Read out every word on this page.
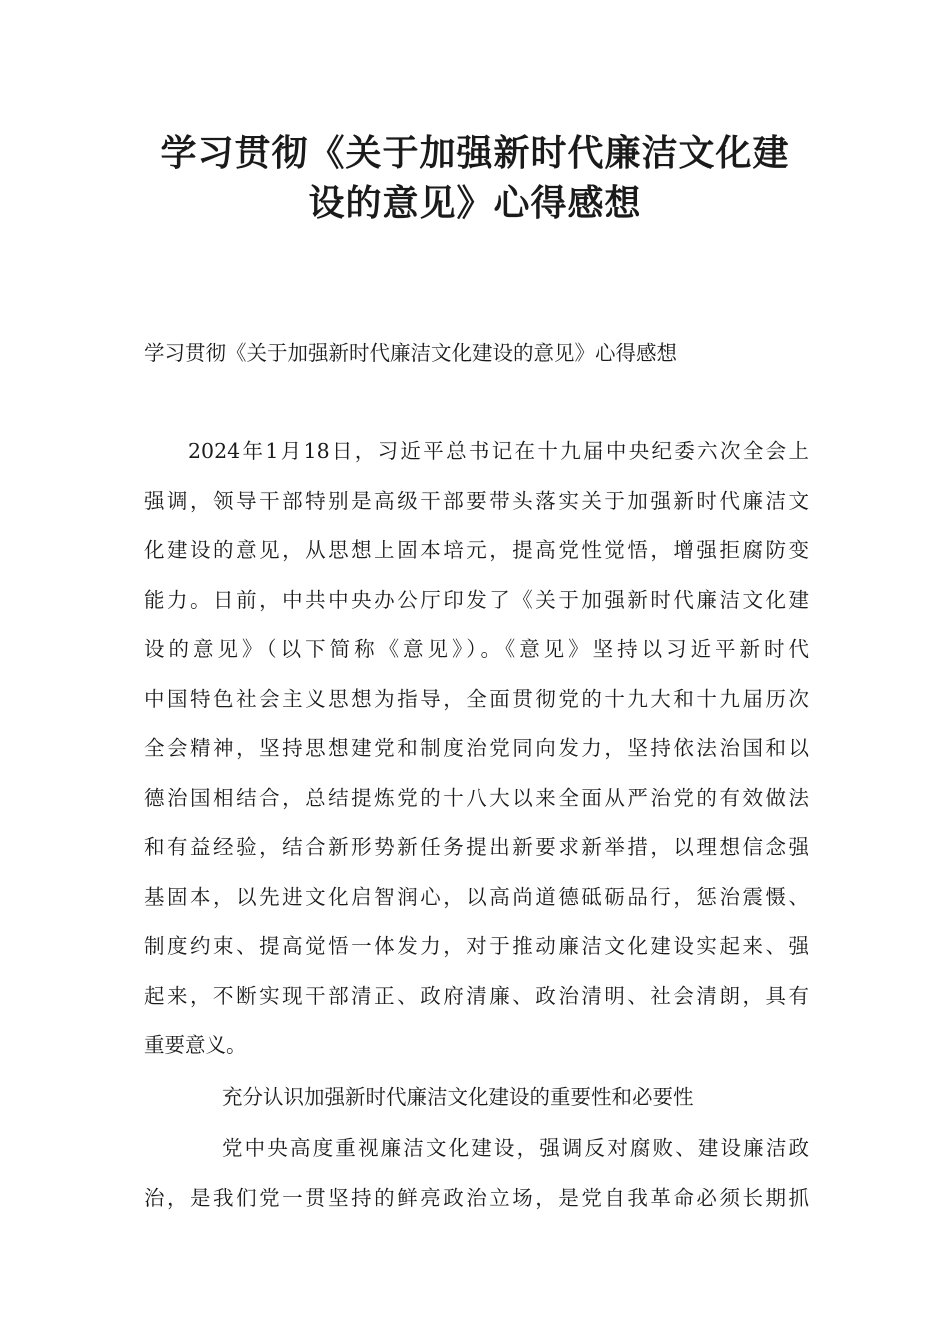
学习贯彻《关于加强新时代廉洁文化建
设的意见》心得感想
学习贯彻《关于加强新时代廉洁文化建设的意见》心得感想
2024年1月18日，习近平总书记在十九届中央纪委六次全会上
强调，领导干部特别是高级干部要带头落实关于加强新时代廉洁文
化建设的意见，从思想上固本培元，提高党性觉悟，增强拒腐防变
能力。日前，中共中央办公厅印发了《关于加强新时代廉洁文化建
设的意见》（以下简称《意见》）。《意见》坚持以习近平新时代
中国特色社会主义思想为指导，全面贯彻党的十九大和十九届历次
全会精神，坚持思想建党和制度治党同向发力，坚持依法治国和以
德治国相结合，总结提炼党的十八大以来全面从严治党的有效做法
和有益经验，结合新形势新任务提出新要求新举措，以理想信念强
基固本，以先进文化启智润心，以高尚道德砥砺品行，惩治震慑、
制度约束、提高觉悟一体发力，对于推动廉洁文化建设实起来、强
起来，不断实现干部清正、政府清廉、政治清明、社会清朗，具有
重要意义。
充分认识加强新时代廉洁文化建设的重要性和必要性
党中央高度重视廉洁文化建设，强调反对腐败、建设廉洁政
治，是我们党一贯坚持的鲜亮政治立场，是党自我革命必须长期抓
